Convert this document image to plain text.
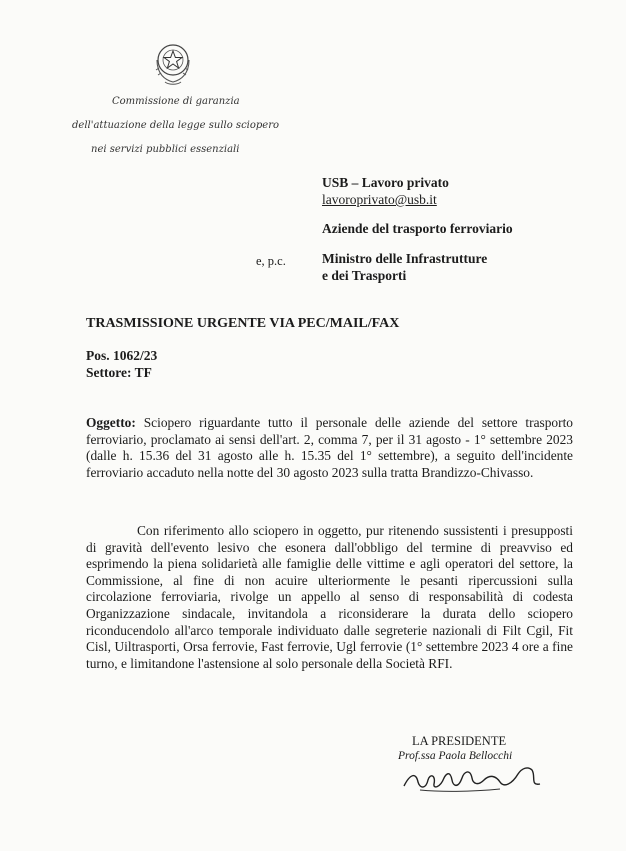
Commissione di garanzia
dell'attuazione della legge sullo sciopero
nei servizi pubblici essenziali
USB – Lavoro privato
lavoroprivato@usb.it
Aziende del trasporto ferroviario
e, p.c.	Ministro delle Infrastrutture
e dei Trasporti
TRASMISSIONE URGENTE VIA PEC/MAIL/FAX
Pos. 1062/23
Settore: TF

Oggetto: Sciopero riguardante tutto il personale delle aziende del settore trasporto ferroviario, proclamato ai sensi dell'art. 2, comma 7, per il 31 agosto - 1° settembre 2023 (dalle h. 15.36 del 31 agosto alle h. 15.35 del 1° settembre), a seguito dell'incidente ferroviario accaduto nella notte del 30 agosto 2023 sulla tratta Brandizzo-Chivasso.

Con riferimento allo sciopero in oggetto, pur ritenendo sussistenti i presupposti di gravità dell'evento lesivo che esonera dall'obbligo del termine di preavviso ed esprimendo la piena solidarietà alle famiglie delle vittime e agli operatori del settore, la Commissione, al fine di non acuire ulteriormente le pesanti ripercussioni sulla circolazione ferroviaria, rivolge un appello al senso di responsabilità di codesta Organizzazione sindacale, invitandola a riconsiderare la durata dello sciopero riconducendolo all'arco temporale individuato dalle segreterie nazionali di Filt Cgil, Fit Cisl, Uiltrasporti, Orsa ferrovie, Fast ferrovie, Ugl ferrovie (1° settembre 2023 4 ore a fine turno, e limitandone l'astensione al solo personale della Società RFI.

LA PRESIDENTE
Prof.ssa Paola Bellocchi
